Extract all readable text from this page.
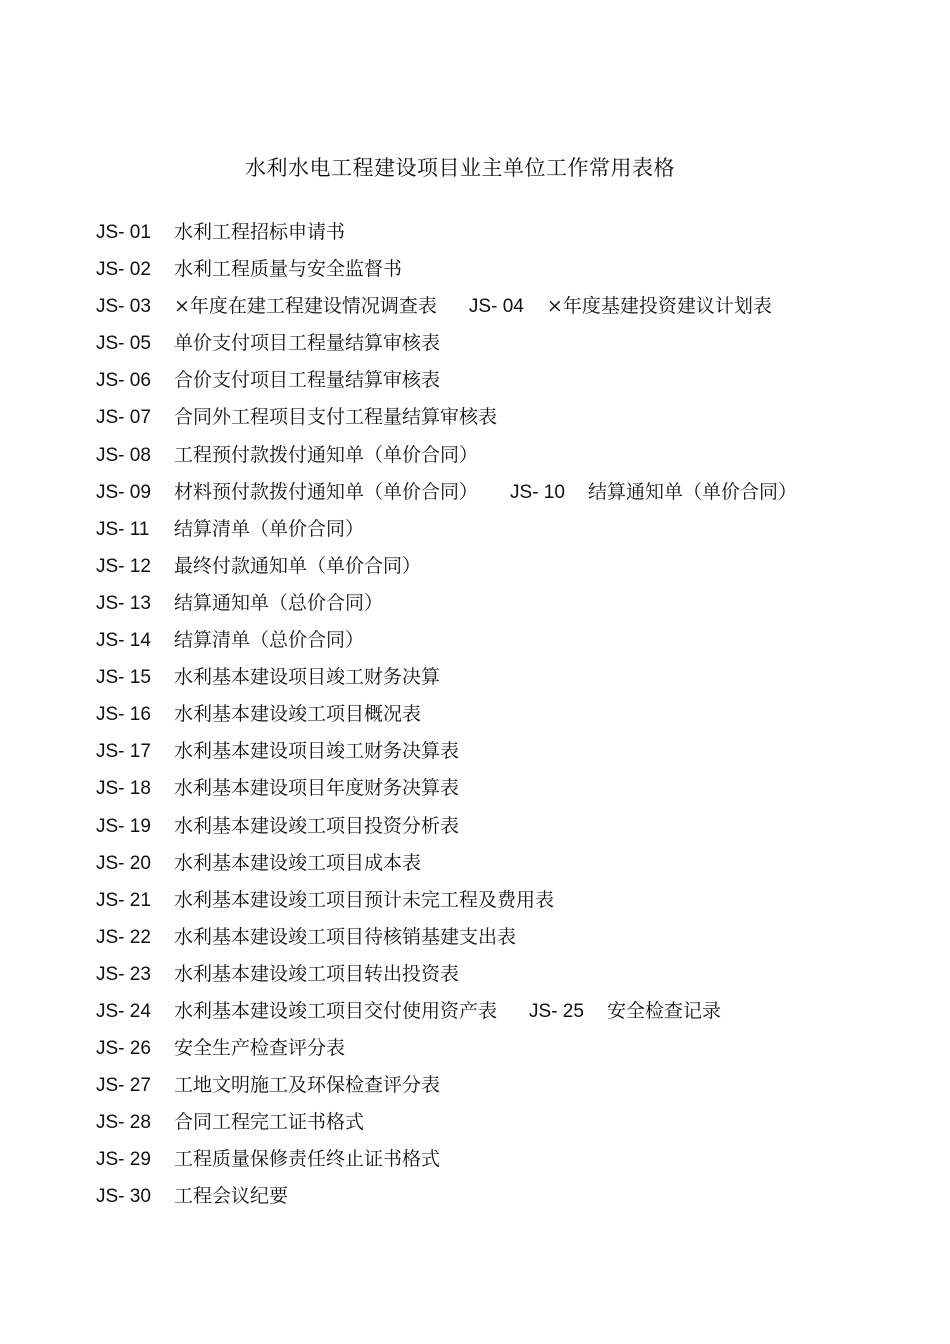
水利水电工程建设项目业主单位工作常用表格
JS- 01 水利工程招标申请书
JS- 02 水利工程质量与安全监督书
JS- 03 ×年度在建工程建设情况调查表 JS- 04 ×年度基建投资建议计划表
JS- 05 单价支付项目工程量结算审核表
JS- 06 合价支付项目工程量结算审核表
JS- 07 合同外工程项目支付工程量结算审核表
JS- 08 工程预付款拨付通知单（单价合同）
JS- 09 材料预付款拨付通知单（单价合同） JS- 10 结算通知单（单价合同）
JS- 11 结算清单（单价合同）
JS- 12 最终付款通知单（单价合同）
JS- 13 结算通知单（总价合同）
JS- 14 结算清单（总价合同）
JS- 15 水利基本建设项目竣工财务决算
JS- 16 水利基本建设竣工项目概况表
JS- 17 水利基本建设项目竣工财务决算表
JS- 18 水利基本建设项目年度财务决算表
JS- 19 水利基本建设竣工项目投资分析表
JS- 20 水利基本建设竣工项目成本表
JS- 21 水利基本建设竣工项目预计未完工程及费用表
JS- 22 水利基本建设竣工项目待核销基建支出表
JS- 23 水利基本建设竣工项目转出投资表
JS- 24 水利基本建设竣工项目交付使用资产表 JS- 25 安全检查记录
JS- 26 安全生产检查评分表
JS- 27 工地文明施工及环保检查评分表
JS- 28 合同工程完工证书格式
JS- 29 工程质量保修责任终止证书格式
JS- 30 工程会议纪要
